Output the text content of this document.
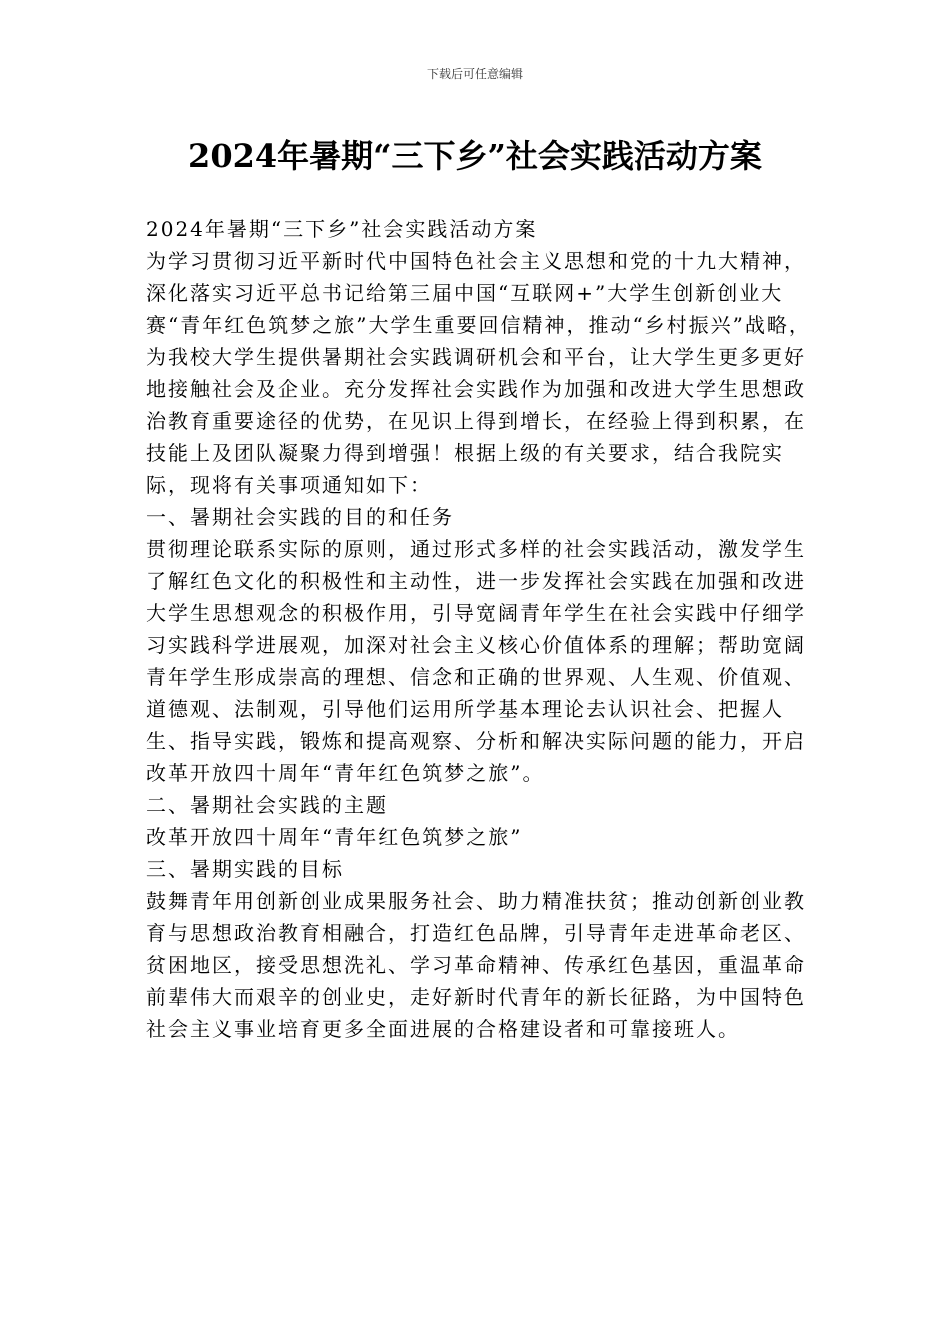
下载后可任意编辑
2024年暑期“三下乡”社会实践活动方案

2024年暑期“三下乡”社会实践活动方案

为学习贯彻习近平新时代中国特色社会主义思想和党的十九大精神，深化落实习近平总书记给第三届中国“互联网+”大学生创新创业大赛“青年红色筑梦之旅”大学生重要回信精神，推动“乡村振兴”战略，为我校大学生提供暑期社会实践调研机会和平台，让大学生更多更好地接触社会及企业。充分发挥社会实践作为加强和改进大学生思想政治教育重要途径的优势，在见识上得到增长，在经验上得到积累，在技能上及团队凝聚力得到增强！根据上级的有关要求，结合我院实际，现将有关事项通知如下：

一、暑期社会实践的目的和任务

贯彻理论联系实际的原则，通过形式多样的社会实践活动，激发学生了解红色文化的积极性和主动性，进一步发挥社会实践在加强和改进大学生思想观念的积极作用，引导宽阔青年学生在社会实践中仔细学习实践科学进展观，加深对社会主义核心价值体系的理解；帮助宽阔青年学生形成崇高的理想、信念和正确的世界观、人生观、价值观、道德观、法制观，引导他们运用所学基本理论去认识社会、把握人生、指导实践，锻炼和提高观察、分析和解决实际问题的能力，开启改革开放四十周年“青年红色筑梦之旅”。

二、暑期社会实践的主题

改革开放四十周年“青年红色筑梦之旅”

三、暑期实践的目标

鼓舞青年用创新创业成果服务社会、助力精准扶贫；推动创新创业教育与思想政治教育相融合，打造红色品牌，引导青年走进革命老区、贫困地区，接受思想洗礼、学习革命精神、传承红色基因，重温革命前辈伟大而艰辛的创业史，走好新时代青年的新长征路，为中国特色社会主义事业培育更多全面进展的合格建设者和可靠接班人。
